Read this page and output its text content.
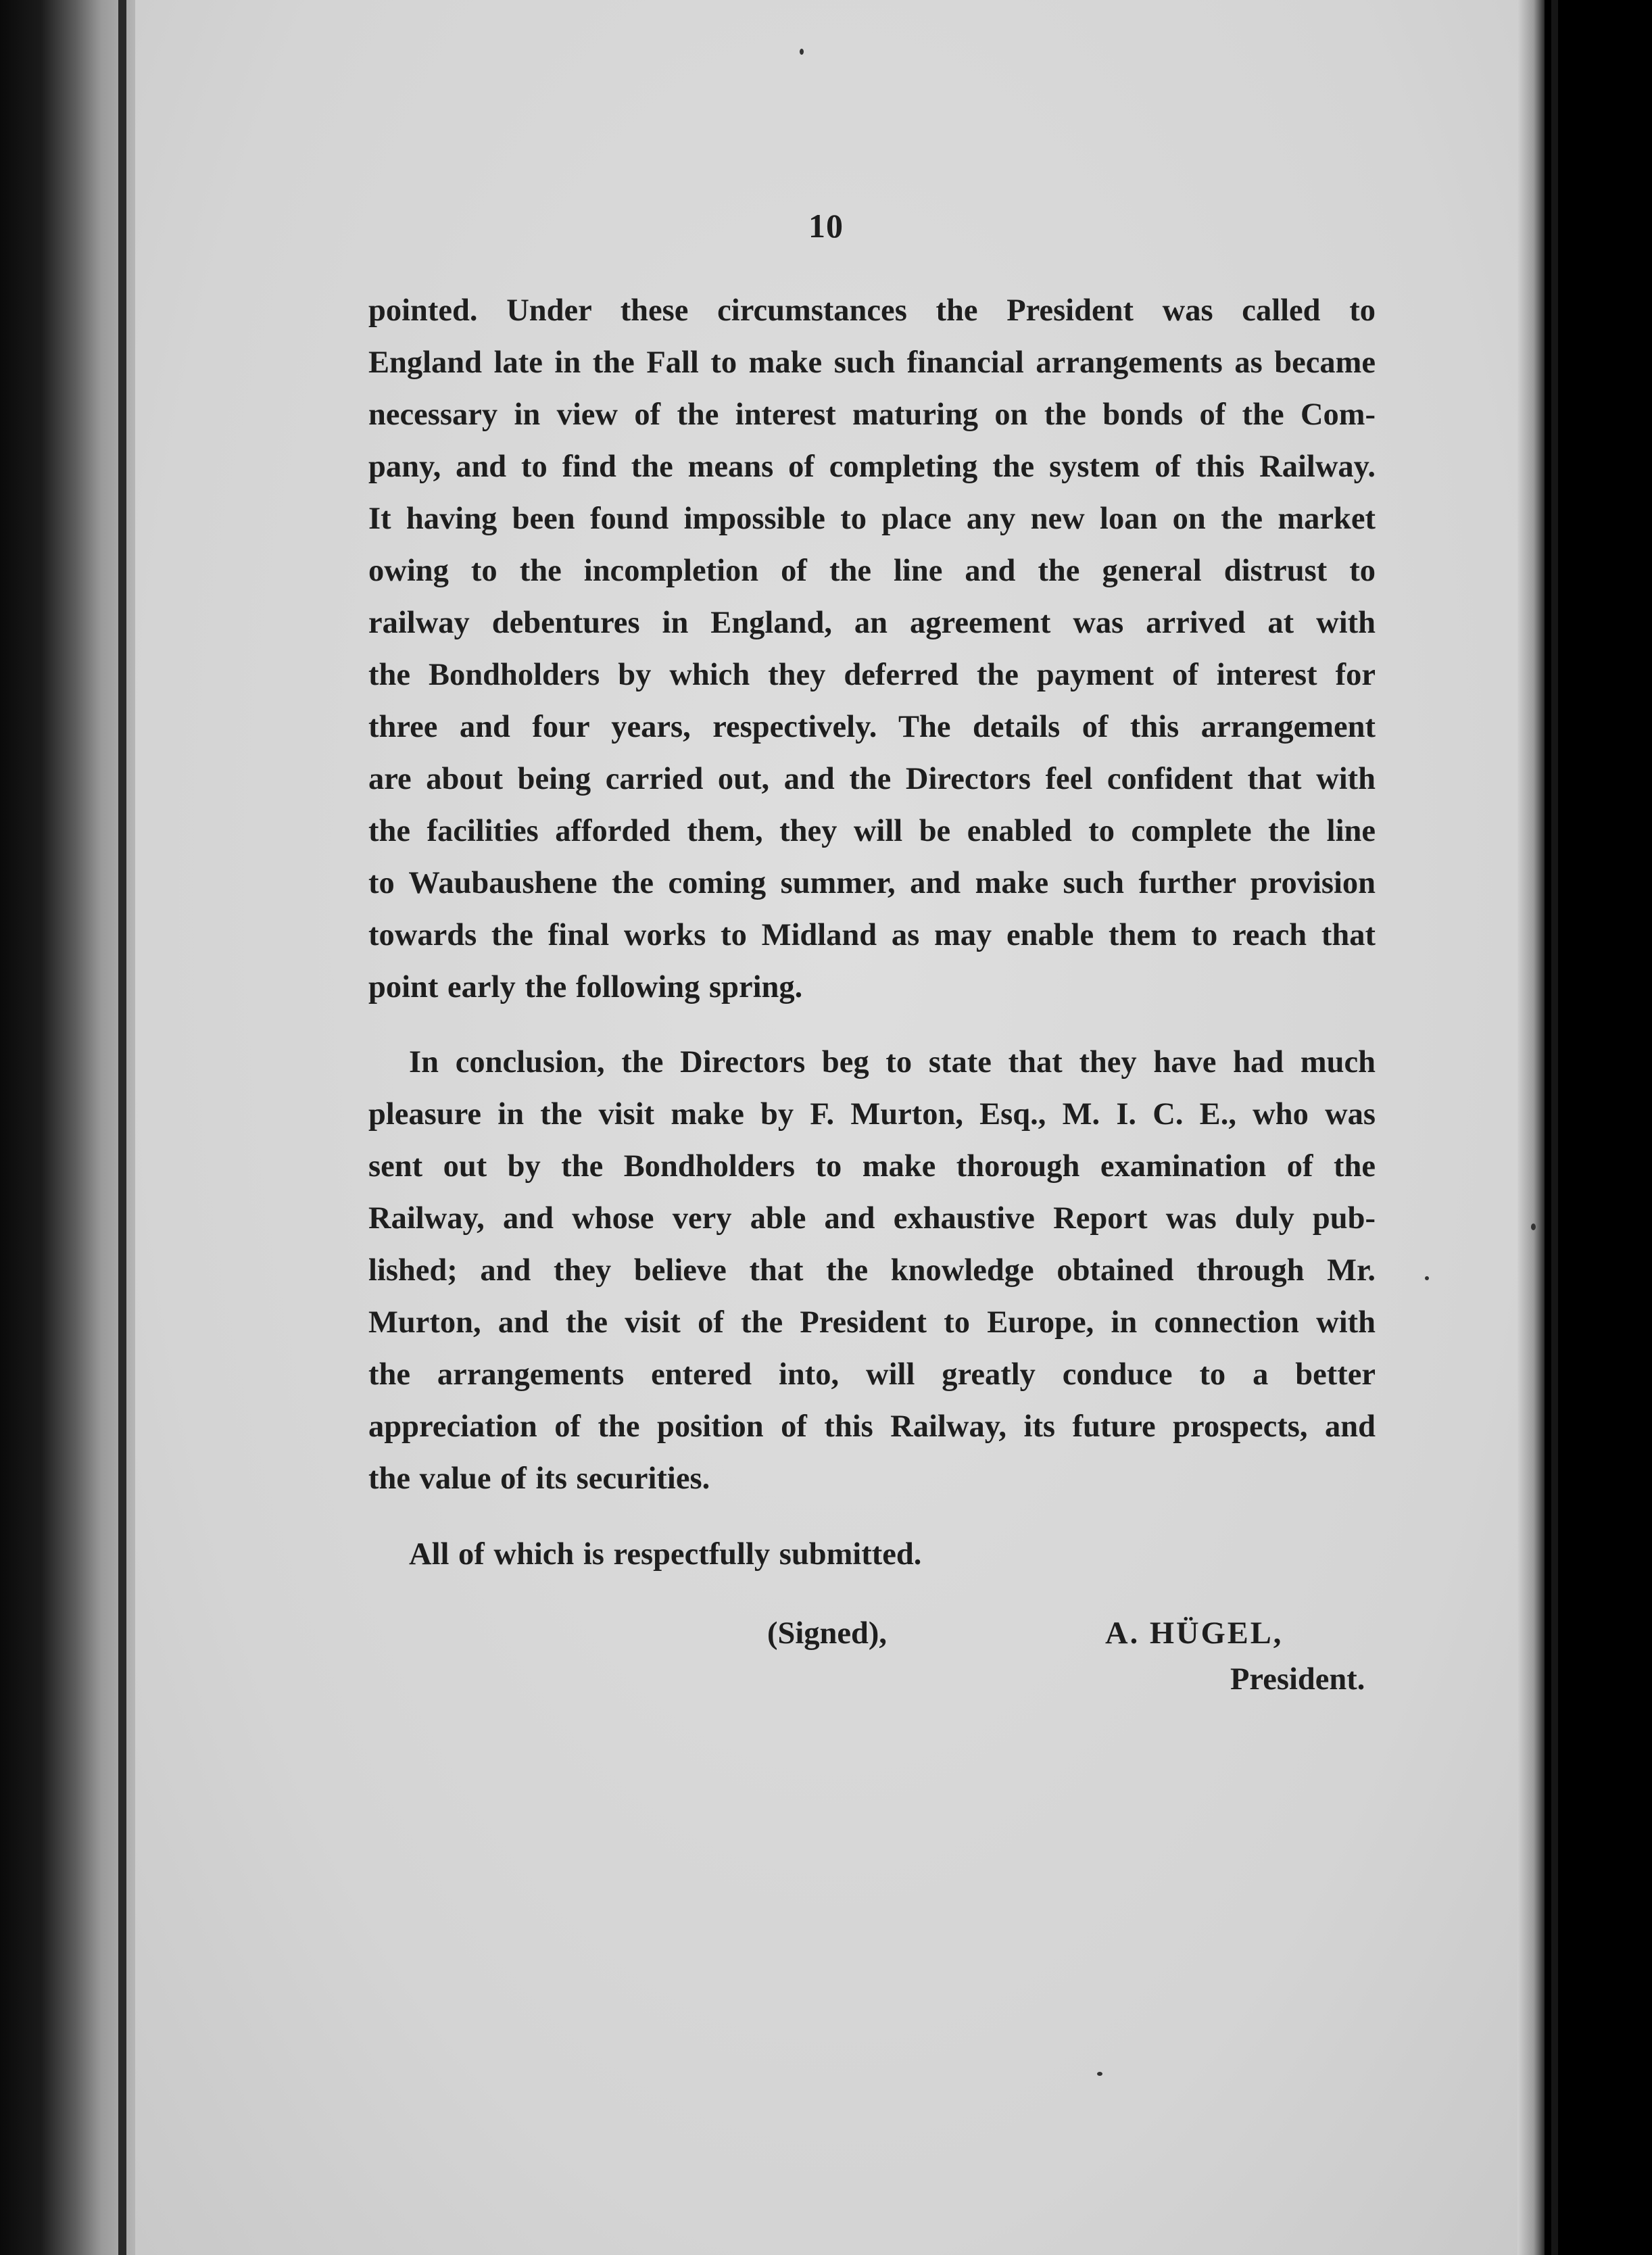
10
pointed. Under these circumstances the President was called to
England late in the Fall to make such financial arrangements as became
necessary in view of the interest maturing on the bonds of the Com-
pany, and to find the means of completing the system of this Railway.
It having been found impossible to place any new loan on the market
owing to the incompletion of the line and the general distrust to
railway debentures in England, an agreement was arrived at with
the Bondholders by which they deferred the payment of interest for
three and four years, respectively. The details of this arrangement
are about being carried out, and the Directors feel confident that with
the facilities afforded them, they will be enabled to complete the line
to Waubaushene the coming summer, and make such further provision
towards the final works to Midland as may enable them to reach that
point early the following spring.
In conclusion, the Directors beg to state that they have had much
pleasure in the visit make by F. Murton, Esq., M. I. C. E., who was
sent out by the Bondholders to make thorough examination of the
Railway, and whose very able and exhaustive Report was duly pub-
lished; and they believe that the knowledge obtained through Mr.
Murton, and the visit of the President to Europe, in connection with
the arrangements entered into, will greatly conduce to a better
appreciation of the position of this Railway, its future prospects, and
the value of its securities.
All of which is respectfully submitted.
(Signed),	A. HÜGEL,
President.
